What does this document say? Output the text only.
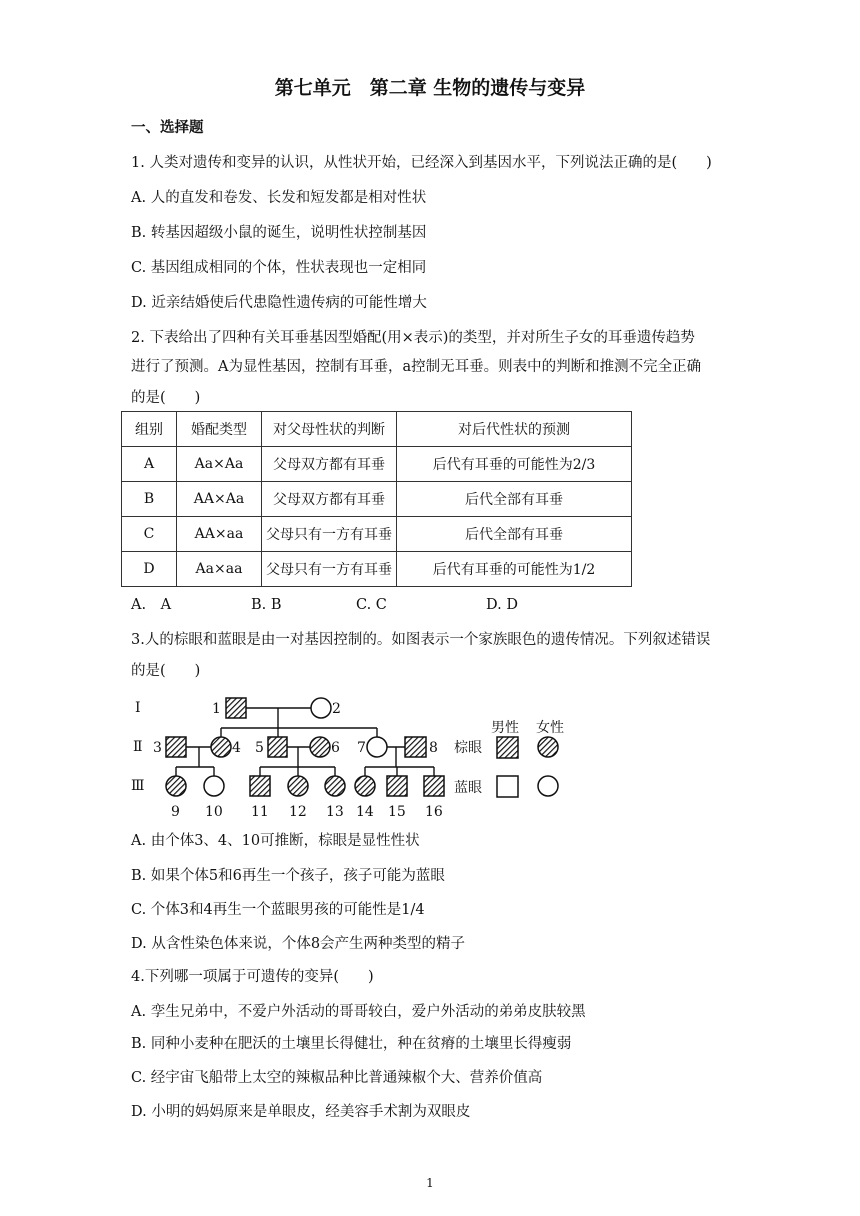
第七单元　第二章 生物的遗传与变异
一、选择题
1. 人类对遗传和变异的认识，从性状开始，已经深入到基因水平，下列说法正确的是(　　)
A. 人的直发和卷发、长发和短发都是相对性状
B. 转基因超级小鼠的诞生，说明性状控制基因
C. 基因组成相同的个体，性状表现也一定相同
D. 近亲结婚使后代患隐性遗传病的可能性增大
2. 下表给出了四种有关耳垂基因型婚配(用×表示)的类型，并对所生子女的耳垂遗传趋势
进行了预测。A为显性基因，控制有耳垂，a控制无耳垂。则表中的判断和推测不完全正确
的是(　　)
组别	婚配类型	对父母性状的判断	对后代性状的预测
A	Aa×Aa	父母双方都有耳垂	后代有耳垂的可能性为2/3
B	AA×Aa	父母双方都有耳垂	后代全部有耳垂
C	AA×aa	父母只有一方有耳垂	后代全部有耳垂
D	Aa×aa	父母只有一方有耳垂	后代有耳垂的可能性为1/2
A.　A	B. B	C. C	D. D
3.人的棕眼和蓝眼是由一对基因控制的。如图表示一个家族眼色的遗传情况。下列叙述错误
的是(　　)
Ⅰ
Ⅱ
Ⅲ
1	2
3	4 5	6 7	8
9 10 11 12 13 14 15 16
男性 女性
棕眼
蓝眼
A. 由个体3、4、10可推断，棕眼是显性性状
B. 如果个体5和6再生一个孩子，孩子可能为蓝眼
C. 个体3和4再生一个蓝眼男孩的可能性是1/4
D. 从含性染色体来说，个体8会产生两种类型的精子
4.下列哪一项属于可遗传的变异(　　)
A. 孪生兄弟中，不爱户外活动的哥哥较白，爱户外活动的弟弟皮肤较黑
B. 同种小麦种在肥沃的土壤里长得健壮，种在贫瘠的土壤里长得瘦弱
C. 经宇宙飞船带上太空的辣椒品种比普通辣椒个大、营养价值高
D. 小明的妈妈原来是单眼皮，经美容手术割为双眼皮
1
